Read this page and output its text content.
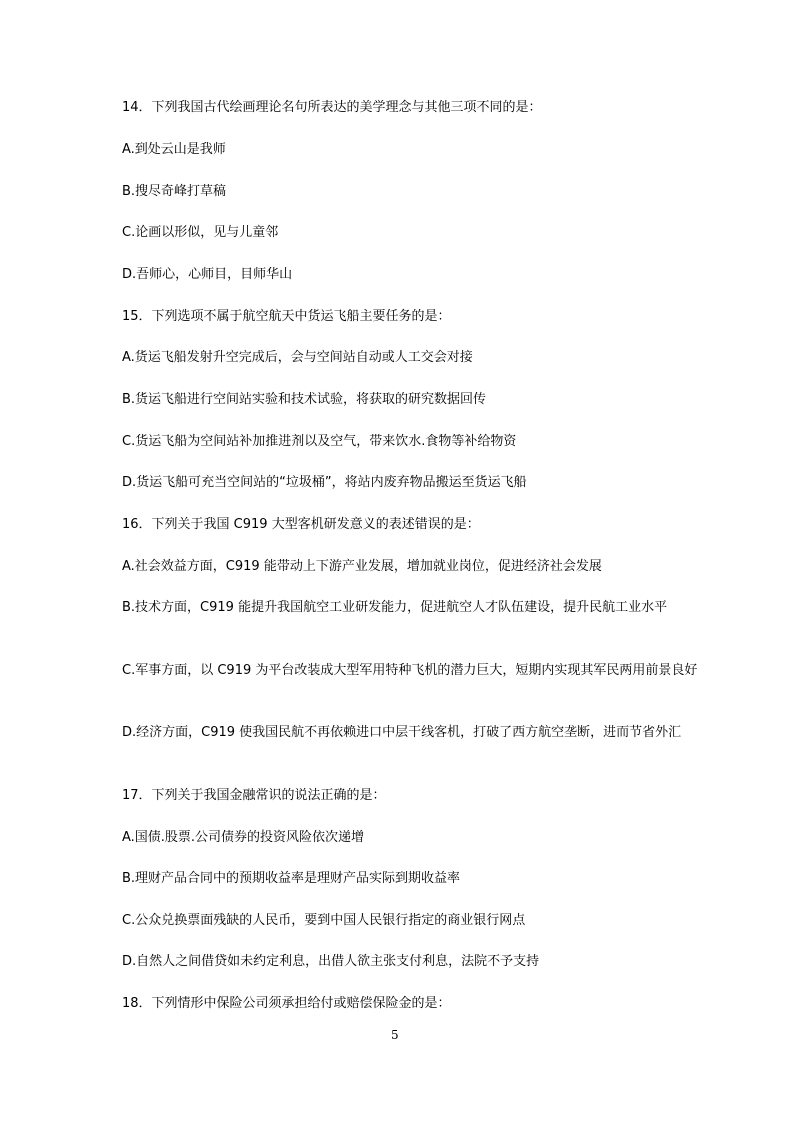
14．下列我国古代绘画理论名句所表达的美学理念与其他三项不同的是：
A.到处云山是我师
B.搜尽奇峰打草稿
C.论画以形似，见与儿童邻
D.吾师心，心师目，目师华山
15．下列选项不属于航空航天中货运飞船主要任务的是：
A.货运飞船发射升空完成后，会与空间站自动或人工交会对接
B.货运飞船进行空间站实验和技术试验，将获取的研究数据回传
C.货运飞船为空间站补加推进剂以及空气，带来饮水.食物等补给物资
D.货运飞船可充当空间站的“垃圾桶”，将站内废弃物品搬运至货运飞船
16．下列关于我国 C919 大型客机研发意义的表述错误的是：
A.社会效益方面，C919 能带动上下游产业发展，增加就业岗位，促进经济社会发展
B.技术方面，C919 能提升我国航空工业研发能力，促进航空人才队伍建设，提升民航工业水平
C.军事方面，以 C919 为平台改装成大型军用特种飞机的潜力巨大，短期内实现其军民两用前景良好
D.经济方面，C919 使我国民航不再依赖进口中层干线客机，打破了西方航空垄断，进而节省外汇
17．下列关于我国金融常识的说法正确的是：
A.国债.股票.公司债券的投资风险依次递增
B.理财产品合同中的预期收益率是理财产品实际到期收益率
C.公众兑换票面残缺的人民币，要到中国人民银行指定的商业银行网点
D.自然人之间借贷如未约定利息，出借人欲主张支付利息，法院不予支持
18．下列情形中保险公司须承担给付或赔偿保险金的是：
5
